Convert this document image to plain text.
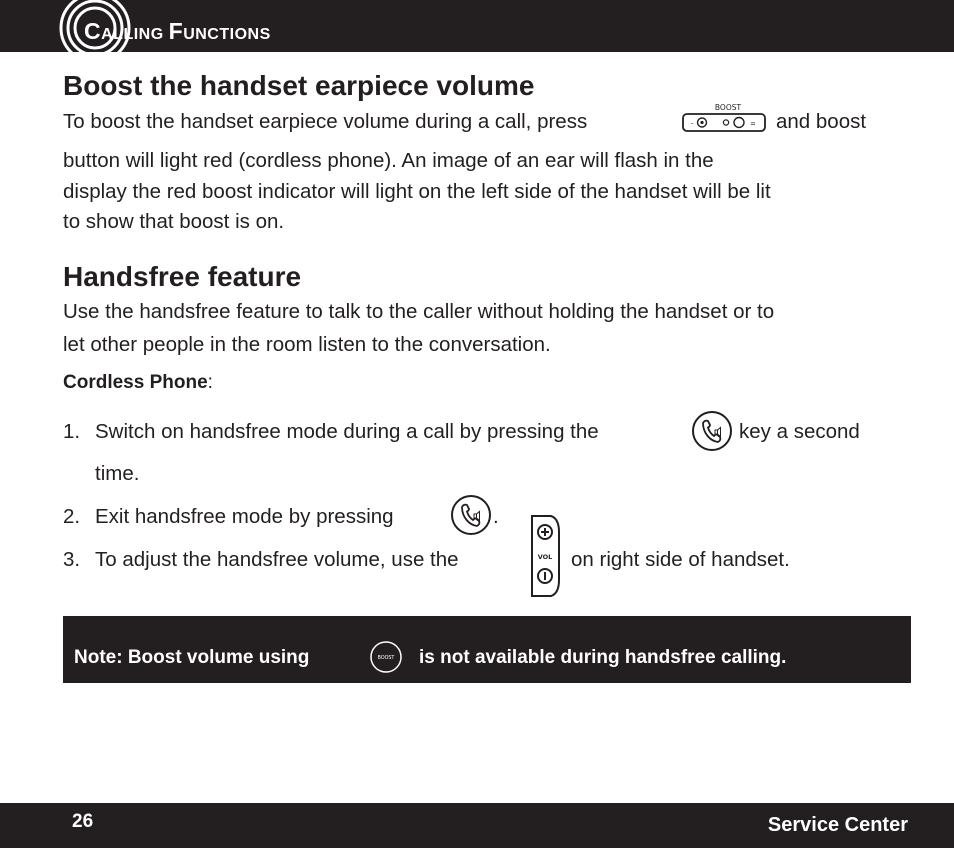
CALLING FUNCTIONS
Boost the handset earpiece volume
To boost the handset earpiece volume during a call, press	and boost
button will light red (cordless phone). An image of an ear will flash in the
display the red boost indicator will light on the left side of the handset will be lit
to show that boost is on.
BOOST
-	=
Handsfree feature
Use the handsfree feature to talk to the caller without holding the handset or to
let other people in the room listen to the conversation.
Cordless Phone:
1. Switch on handsfree mode during a call by pressing the	key a second
time.
2. Exit handsfree mode by pressing	.
3. To adjust the handsfree volume, use the	VOL on right side of handset.
Note: Boost volume using	BOOST is not available during handsfree calling.
26	Service Center
